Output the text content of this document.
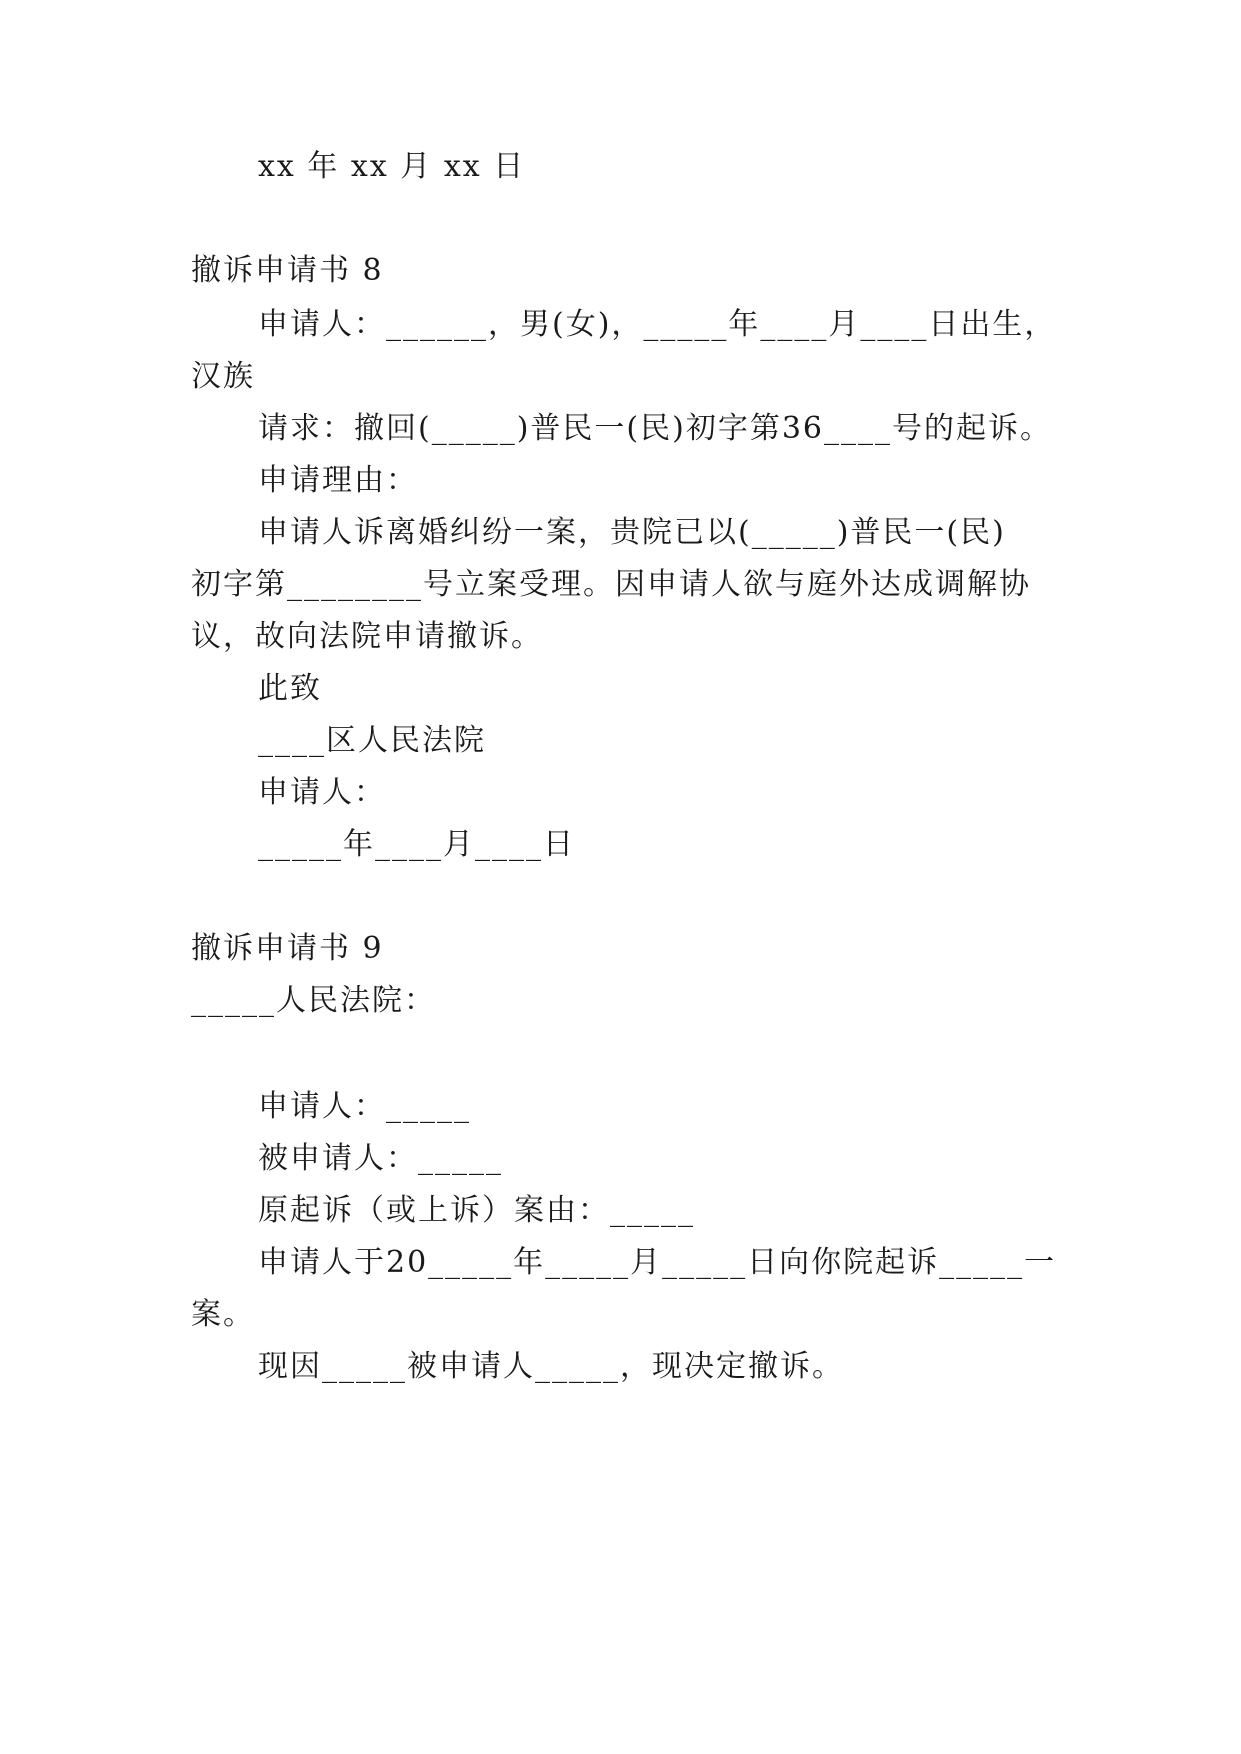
xx 年 xx 月 xx 日
撤诉申请书 8
申请人：______，男(女)，_____年____月____日出生，
汉族
请求：撤回(_____)普民一(民)初字第36____号的起诉。
申请理由：
申请人诉离婚纠纷一案，贵院已以(_____)普民一(民)
初字第________号立案受理。因申请人欲与庭外达成调解协
议，故向法院申请撤诉。
此致
____区人民法院
申请人：
_____年____月____日
撤诉申请书 9
_____人民法院：
申请人：_____
被申请人：_____
原起诉（或上诉）案由：_____
申请人于20_____年_____月_____日向你院起诉_____一
案。
现因_____被申请人_____，现决定撤诉。
